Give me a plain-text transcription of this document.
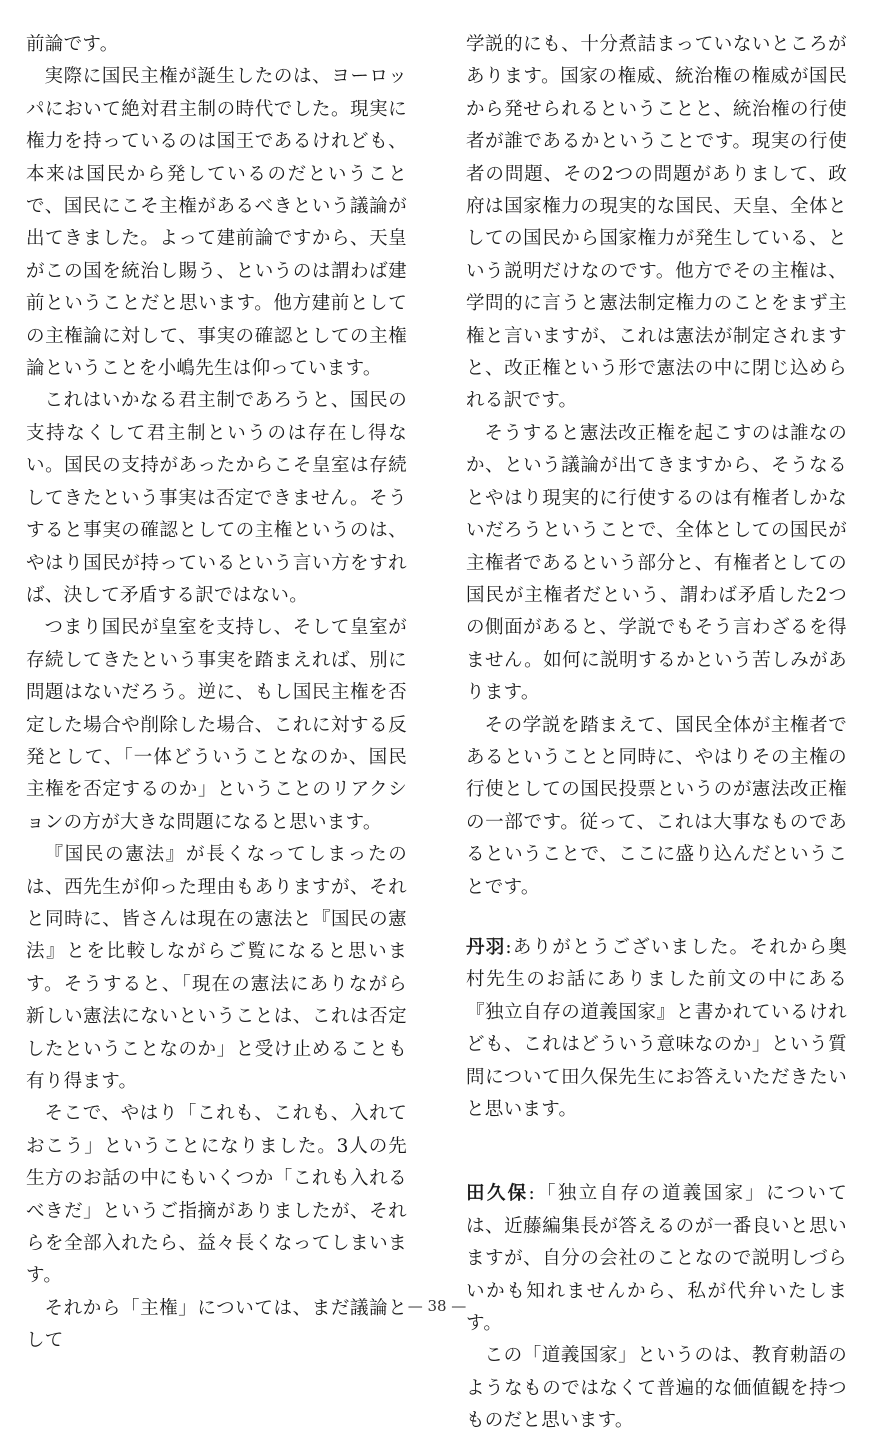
前論です。

実際に国民主権が誕生したのは、ヨーロッパにおいて絶対君主制の時代でした。現実に権力を持っているのは国王であるけれども、本来は国民から発しているのだということで、国民にこそ主権があるべきという議論が出てきました。よって建前論ですから、天皇がこの国を統治し賜う、というのは謂わば建前ということだと思います。他方建前としての主権論に対して、事実の確認としての主権論ということを小嶋先生は仰っています。

これはいかなる君主制であろうと、国民の支持なくして君主制というのは存在し得ない。国民の支持があったからこそ皇室は存続してきたという事実は否定できません。そうすると事実の確認としての主権というのは、やはり国民が持っているという言い方をすれば、決して矛盾する訳ではない。

つまり国民が皇室を支持し、そして皇室が存続してきたという事実を踏まえれば、別に問題はないだろう。逆に、もし国民主権を否定した場合や削除した場合、これに対する反発として、「一体どういうことなのか、国民主権を否定するのか」ということのリアクションの方が大きな問題になると思います。

『国民の憲法』が長くなってしまったのは、西先生が仰った理由もありますが、それと同時に、皆さんは現在の憲法と『国民の憲法』とを比較しながらご覧になると思います。そうすると、「現在の憲法にありながら新しい憲法にないということは、これは否定したということなのか」と受け止めることも有り得ます。

そこで、やはり「これも、これも、入れておこう」ということになりました。3人の先生方のお話の中にもいくつか「これも入れるべきだ」というご指摘がありましたが、それらを全部入れたら、益々長くなってしまいます。

それから「主権」については、まだ議論として

学説的にも、十分煮詰まっていないところがあります。国家の権威、統治権の権威が国民から発せられるということと、統治権の行使者が誰であるかということです。現実の行使者の問題、その2つの問題がありまして、政府は国家権力の現実的な国民、天皇、全体としての国民から国家権力が発生している、という説明だけなのです。他方でその主権は、学問的に言うと憲法制定権力のことをまず主権と言いますが、これは憲法が制定されますと、改正権という形で憲法の中に閉じ込められる訳です。

そうすると憲法改正権を起こすのは誰なのか、という議論が出てきますから、そうなるとやはり現実的に行使するのは有権者しかないだろうということで、全体としての国民が主権者であるという部分と、有権者としての国民が主権者だという、謂わば矛盾した2つの側面があると、学説でもそう言わざるを得ません。如何に説明するかという苦しみがあります。

その学説を踏まえて、国民全体が主権者であるということと同時に、やはりその主権の行使としての国民投票というのが憲法改正権の一部です。従って、これは大事なものであるということで、ここに盛り込んだということです。

丹羽:ありがとうございました。それから奥村先生のお話にありました前文の中にある『独立自存の道義国家』と書かれているけれども、これはどういう意味なのか」という質問について田久保先生にお答えいただきたいと思います。

田久保:「独立自存の道義国家」については、近藤編集長が答えるのが一番良いと思いますが、自分の会社のことなので説明しづらいかも知れませんから、私が代弁いたします。

この「道義国家」というのは、教育勅語のようなものではなくて普遍的な価値観を持つものだと思います。

— 38 —
